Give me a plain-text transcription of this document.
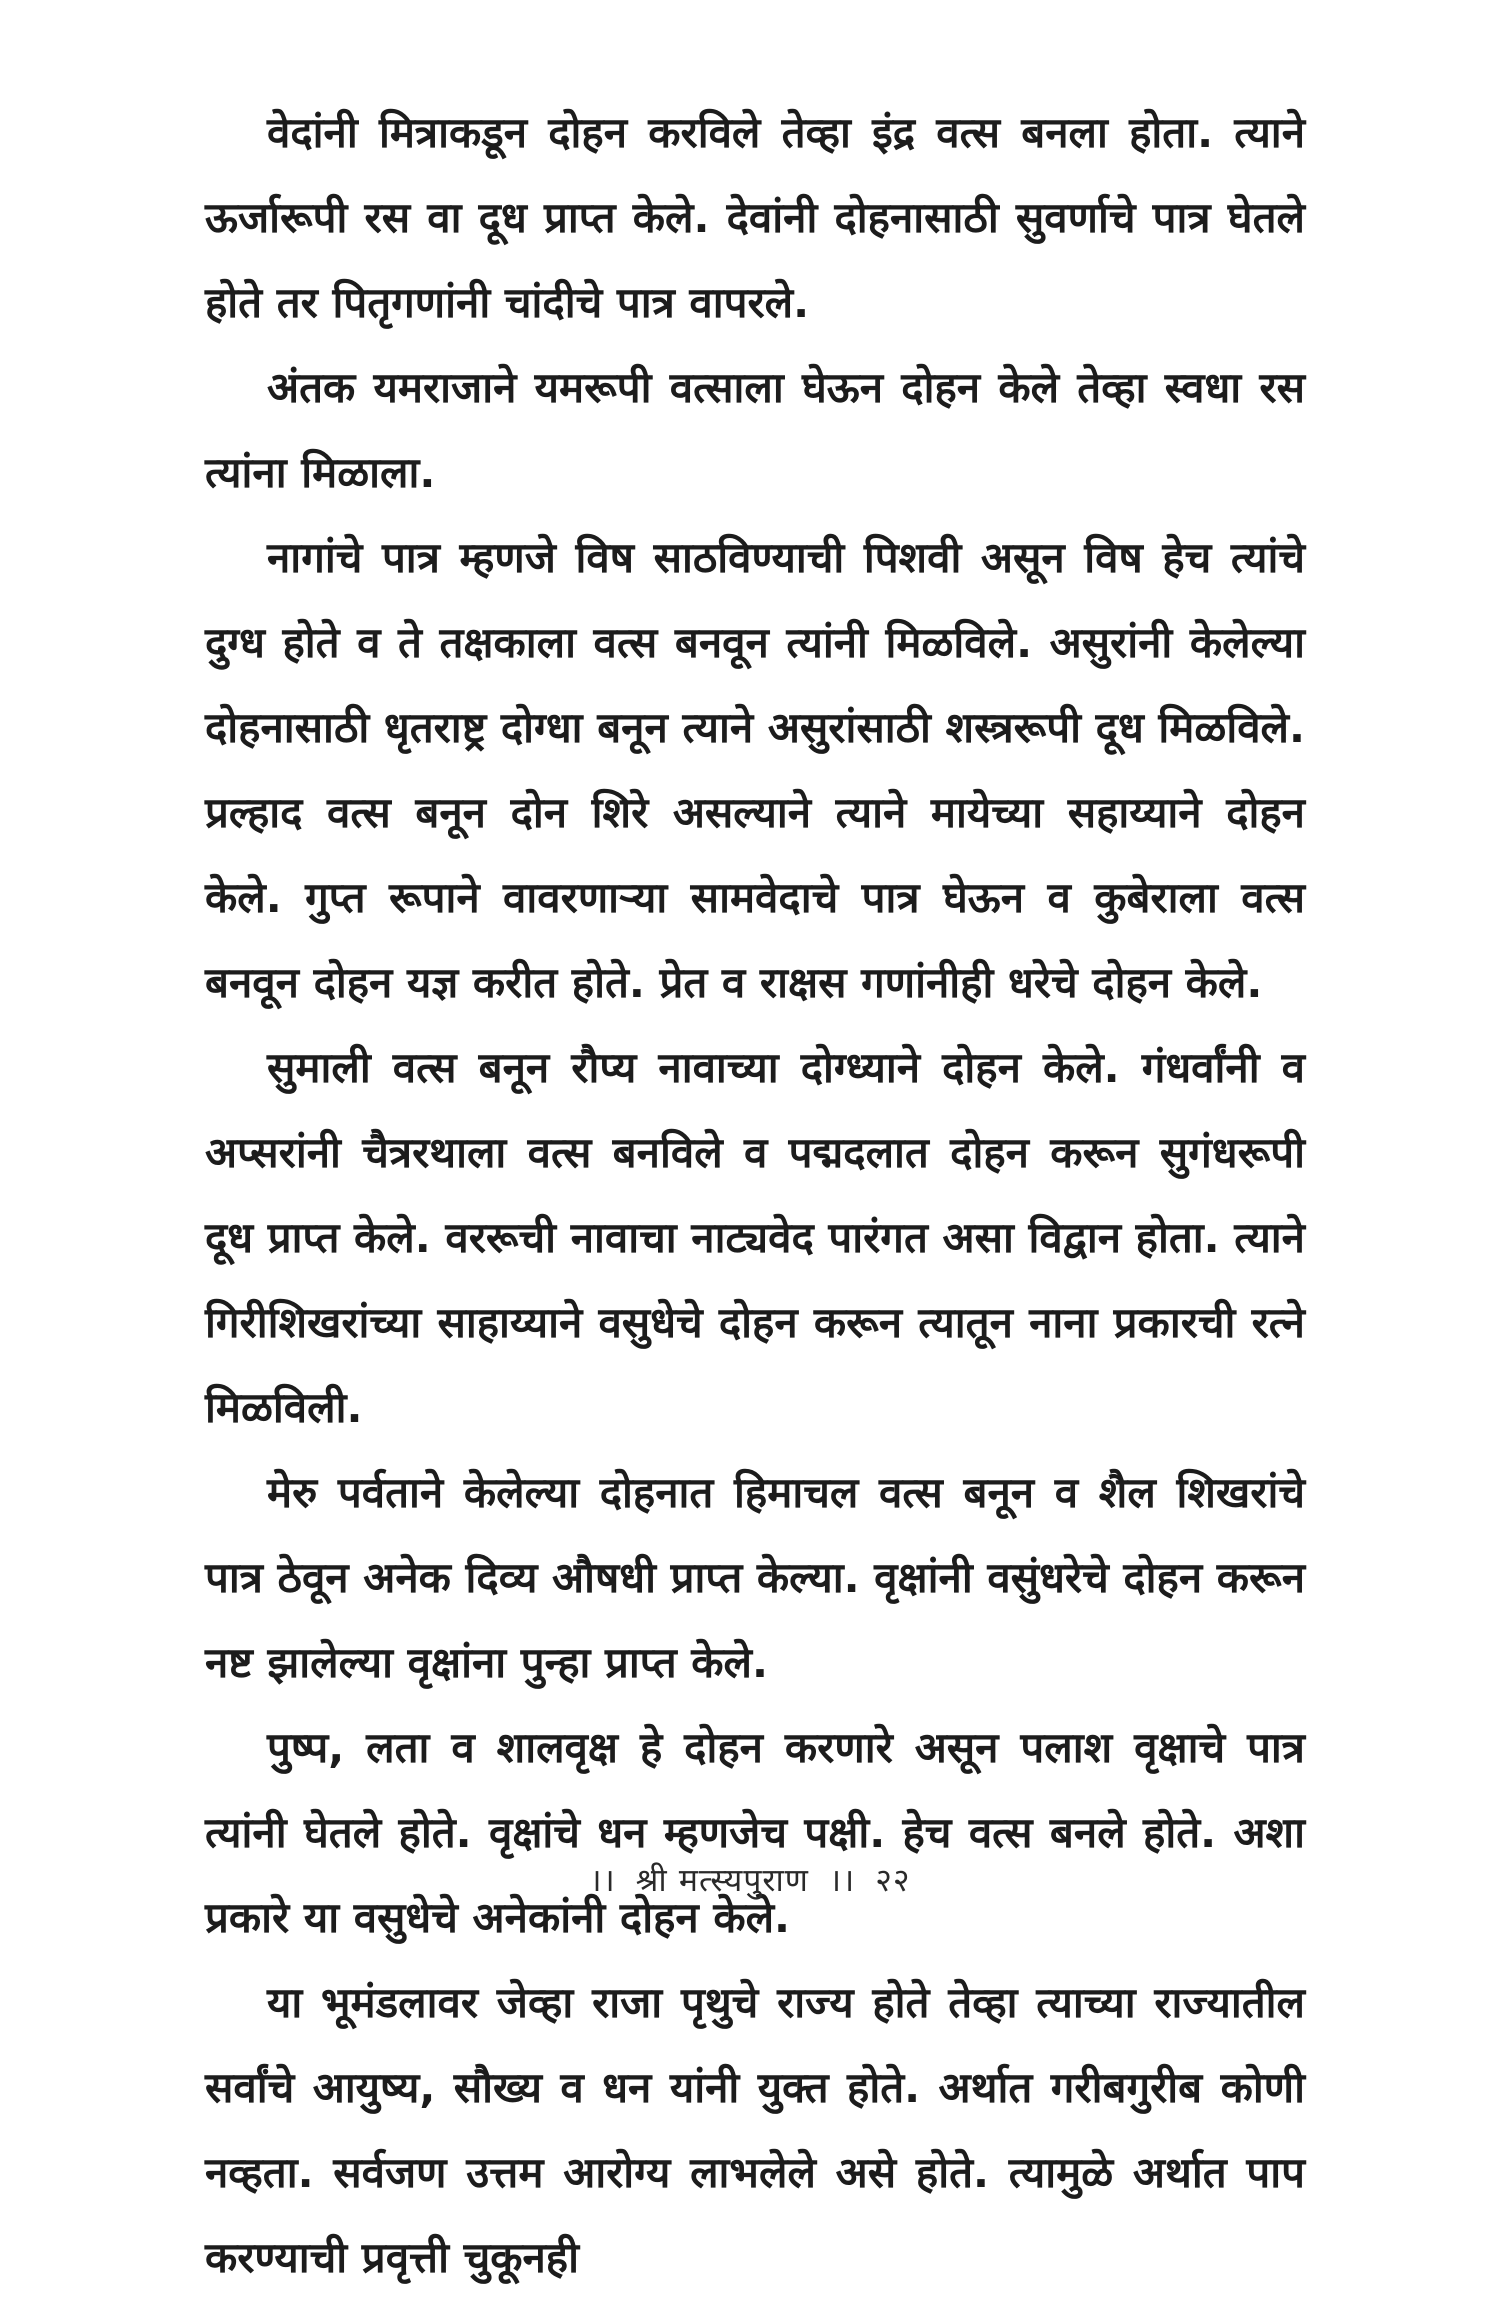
वेदांनी मित्राकडून दोहन करविले तेव्हा इंद्र वत्स बनला होता. त्याने ऊर्जारूपी रस वा दूध प्राप्त केले. देवांनी दोहनासाठी सुवर्णाचे पात्र घेतले होते तर पितृगणांनी चांदीचे पात्र वापरले.

अंतक यमराजाने यमरूपी वत्साला घेऊन दोहन केले तेव्हा स्वधा रस त्यांना मिळाला.

नागांचे पात्र म्हणजे विष साठविण्याची पिशवी असून विष हेच त्यांचे दुग्ध होते व ते तक्षकाला वत्स बनवून त्यांनी मिळविले. असुरांनी केलेल्या दोहनासाठी धृतराष्ट्र दोग्धा बनून त्याने असुरांसाठी शस्त्ररूपी दूध मिळविले. प्रल्हाद वत्स बनून दोन शिरे असल्याने त्याने मायेच्या सहाय्याने दोहन केले. गुप्त रूपाने वावरणाऱ्या सामवेदाचे पात्र घेऊन व कुबेराला वत्स बनवून दोहन यज्ञ करीत होते. प्रेत व राक्षस गणांनीही धरेचे दोहन केले.

सुमाली वत्स बनून रौप्य नावाच्या दोग्ध्याने दोहन केले. गंधर्वांनी व अप्सरांनी चैत्ररथाला वत्स बनविले व पद्मदलात दोहन करून सुगंधरूपी दूध प्राप्त केले. वररूची नावाचा नाट्यवेद पारंगत असा विद्वान होता. त्याने गिरीशिखरांच्या साहाय्याने वसुधेचे दोहन करून त्यातून नाना प्रकारची रत्ने मिळविली.

मेरु पर्वताने केलेल्या दोहनात हिमाचल वत्स बनून व शैल शिखरांचे पात्र ठेवून अनेक दिव्य औषधी प्राप्त केल्या. वृक्षांनी वसुंधरेचे दोहन करून नष्ट झालेल्या वृक्षांना पुन्हा प्राप्त केले.

पुष्प, लता व शालवृक्ष हे दोहन करणारे असून पलाश वृक्षाचे पात्र त्यांनी घेतले होते. वृक्षांचे धन म्हणजेच पक्षी. हेच वत्स बनले होते. अशा प्रकारे या वसुधेचे अनेकांनी दोहन केले.

या भूमंडलावर जेव्हा राजा पृथुचे राज्य होते तेव्हा त्याच्या राज्यातील सर्वांचे आयुष्य, सौख्य व धन यांनी युक्त होते. अर्थात गरीबगुरीब कोणी नव्हता. सर्वजण उत्तम आरोग्य लाभलेले असे होते. त्यामुळे अर्थात पाप करण्याची प्रवृत्ती चुकूनही

।। श्री मत्स्यपुराण ।। २२
